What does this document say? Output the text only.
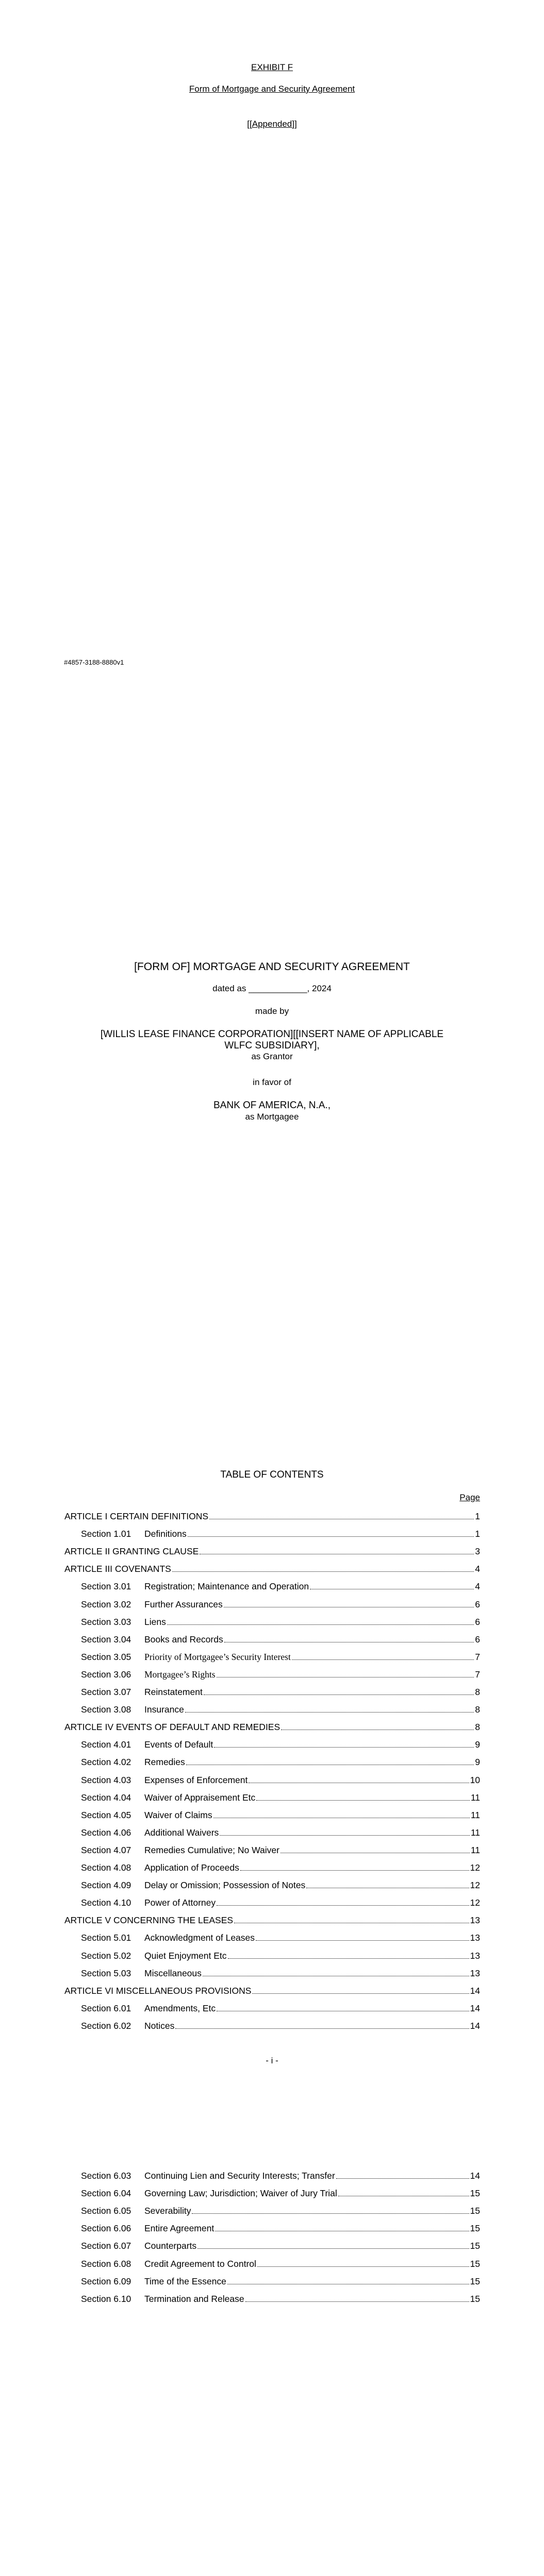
EXHIBIT F
Form of Mortgage and Security Agreement
[[Appended]]
#4857-3188-8880v1
[FORM OF] MORTGAGE AND SECURITY AGREEMENT
dated as ____________, 2024
made by
[WILLIS LEASE FINANCE CORPORATION][[INSERT NAME OF APPLICABLE
WLFC SUBSIDIARY],
as Grantor
in favor of
BANK OF AMERICA, N.A.,
as Mortgagee
TABLE OF CONTENTS
Page
ARTICLE I CERTAIN DEFINITIONS	1
Section 1.01	Definitions	1
ARTICLE II GRANTING CLAUSE	3
ARTICLE III COVENANTS	4
Section 3.01	Registration; Maintenance and Operation	4
Section 3.02	Further Assurances	6
Section 3.03	Liens	6
Section 3.04	Books and Records	6
Section 3.05	Priority of Mortgagee’s Security Interest	7
Section 3.06	Mortgagee’s Rights	7
Section 3.07	Reinstatement	8
Section 3.08	Insurance	8
ARTICLE IV EVENTS OF DEFAULT AND REMEDIES	8
Section 4.01	Events of Default	9
Section 4.02	Remedies	9
Section 4.03	Expenses of Enforcement	10
Section 4.04	Waiver of Appraisement Etc	11
Section 4.05	Waiver of Claims	11
Section 4.06	Additional Waivers	11
Section 4.07	Remedies Cumulative; No Waiver	11
Section 4.08	Application of Proceeds	12
Section 4.09	Delay or Omission; Possession of Notes	12
Section 4.10	Power of Attorney	12
ARTICLE V CONCERNING THE LEASES	13
Section 5.01	Acknowledgment of Leases	13
Section 5.02	Quiet Enjoyment Etc	13
Section 5.03	Miscellaneous	13
ARTICLE VI MISCELLANEOUS PROVISIONS	14
Section 6.01	Amendments, Etc	14
Section 6.02	Notices	14
- i -
Section 6.03	Continuing Lien and Security Interests; Transfer	14
Section 6.04	Governing Law; Jurisdiction; Waiver of Jury Trial	15
Section 6.05	Severability	15
Section 6.06	Entire Agreement	15
Section 6.07	Counterparts	15
Section 6.08	Credit Agreement to Control	15
Section 6.09	Time of the Essence	15
Section 6.10	Termination and Release	15
